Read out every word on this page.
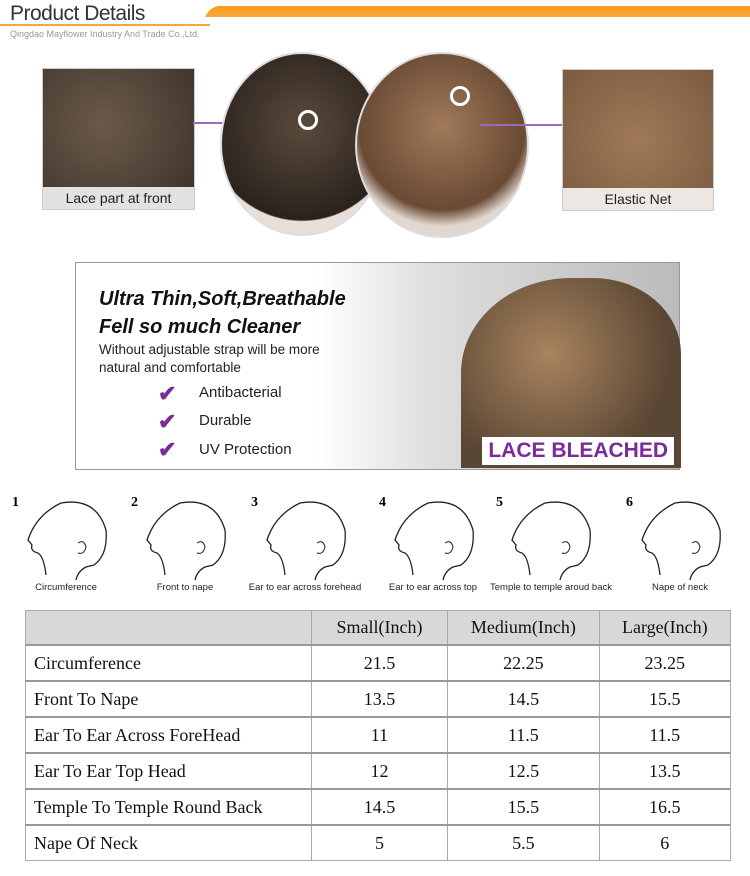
Product Details
Qingdao Mayflower Industry And Trade Co.,Ltd.
Lace part at front	Elastic Net
Ultra Thin,Soft,Breathable
Fell so much Cleaner
Without adjustable strap will be more
natural and comfortable
✔ Antibacterial
✔ Durable
✔ UV Protection	LACE BLEACHED
1
Circumference
2
Front to nape
3
Ear to ear across forehead
4
Ear to ear across top
5
Temple to temple aroud back
6
Nape of neck
	Small(Inch)	Medium(Inch)	Large(Inch)
Circumference	21.5	22.25	23.25
Front To Nape	13.5	14.5	15.5
Ear To Ear Across ForeHead	11	11.5	11.5
Ear To Ear Top Head	12	12.5	13.5
Temple To Temple Round Back	14.5	15.5	16.5
Nape Of Neck	5	5.5	6
